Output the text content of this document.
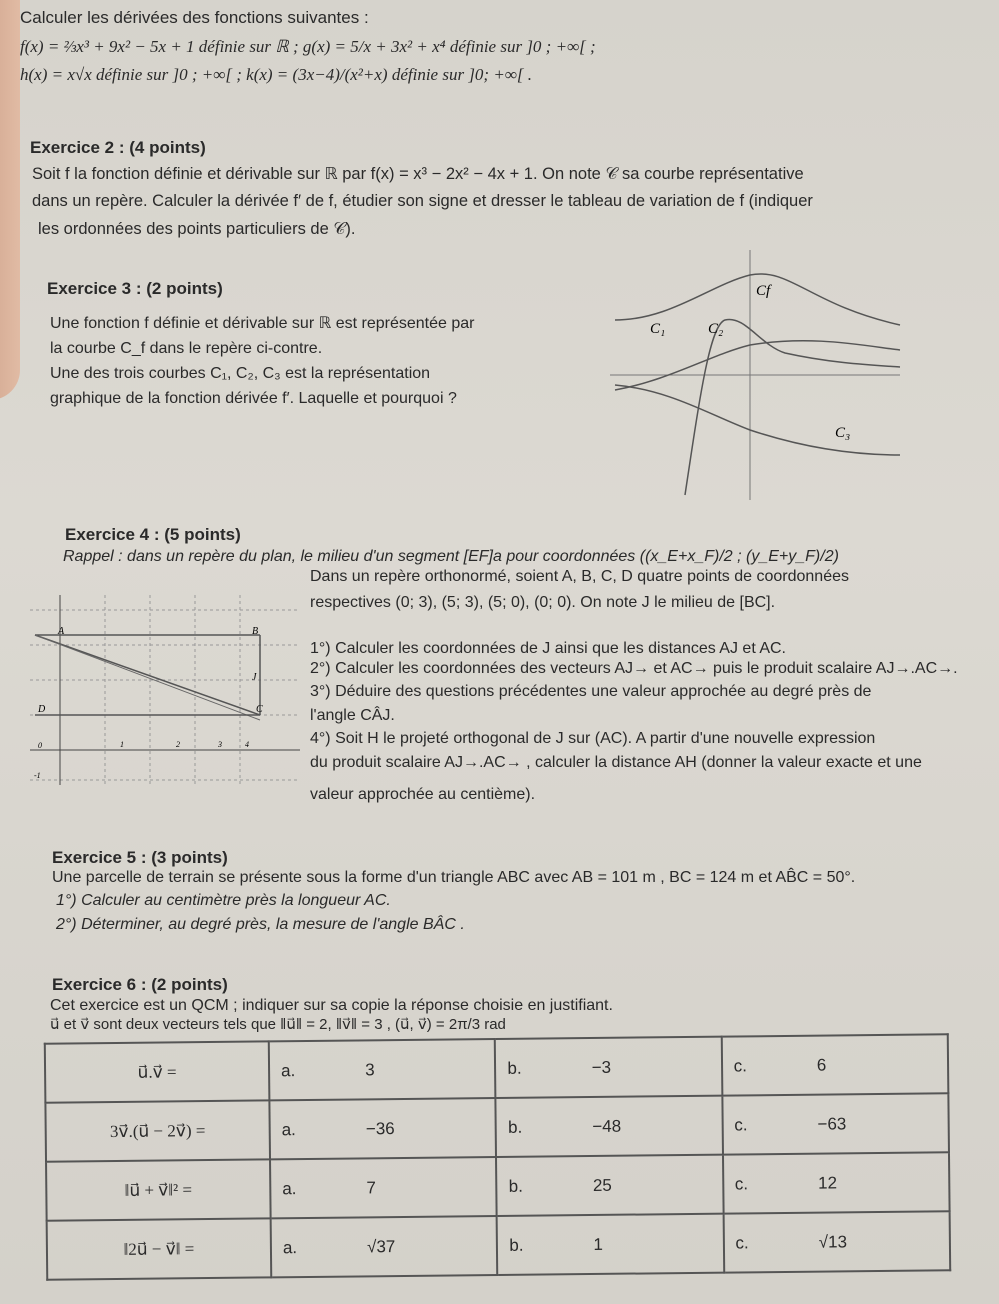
Calculer les dérivées des fonctions suivantes :
f(x) = ⅔x³ + 9x² − 5x + 1 définie sur ℝ ; g(x) = 5/x + 3x² + x⁴ définie sur ]0 ; +∞[ ;
h(x) = x√x définie sur ]0 ; +∞[ ; k(x) = (3x−4)/(x²+x) définie sur ]0; +∞[ .
Exercice 2 : (4 points)
Soit f la fonction définie et dérivable sur ℝ par f(x) = x³ − 2x² − 4x + 1. On note 𝒞 sa courbe représentative
dans un repère. Calculer la dérivée f′ de f, étudier son signe et dresser le tableau de variation de f (indiquer
les ordonnées des points particuliers de 𝒞).
Exercice 3 : (2 points)
Une fonction f définie et dérivable sur ℝ est représentée par
la courbe C_f dans le repère ci-contre.
Une des trois courbes C₁, C₂, C₃ est la représentation
graphique de la fonction dérivée f′. Laquelle et pourquoi ?
Cf
C₁	C₂
C₃
Exercice 4 : (5 points)
Rappel : dans un repère du plan, le milieu d'un segment [EF]a pour coordonnées ((x_E+x_F)/2 ; (y_E+y_F)/2)
Dans un repère orthonormé, soient A, B, C, D quatre points de coordonnées
respectives (0; 3), (5; 3), (5; 0), (0; 0). On note J le milieu de [BC].
1°) Calculer les coordonnées de J ainsi que les distances AJ et AC.
2°) Calculer les coordonnées des vecteurs AJ→ et AC→ puis le produit scalaire AJ→.AC→.
3°) Déduire des questions précédentes une valeur approchée au degré près de
l'angle CÂJ.
4°) Soit H le projeté orthogonal de J sur (AC). A partir d'une nouvelle expression
du produit scalaire AJ→.AC→ , calculer la distance AH (donner la valeur exacte et une
valeur approchée au centième).
A	B
C
D
J
1	2	3	4
0
-1
Exercice 5 : (3 points)
Une parcelle de terrain se présente sous la forme d'un triangle ABC avec AB = 101 m , BC = 124 m et AB̂C = 50°.
1°) Calculer au centimètre près la longueur AC.
2°) Déterminer, au degré près, la mesure de l'angle BÂC .
Exercice 6 : (2 points)
Cet exercice est un QCM ; indiquer sur sa copie la réponse choisie en justifiant.
u⃗ et v⃗ sont deux vecteurs tels que ‖u⃗‖ = 2, ‖v⃗‖ = 3 , (u⃗, v⃗) = 2π/3 rad
u⃗.v⃗ =	a. 3	b. −3	c. 6
3v⃗.(u⃗ − 2v⃗) =	a. −36	b. −48	c. −63
‖u⃗ + v⃗‖² =	a. 7	b. 25	c. 12
‖2u⃗ − v⃗‖ =	a. √37	b. 1	c. √13
